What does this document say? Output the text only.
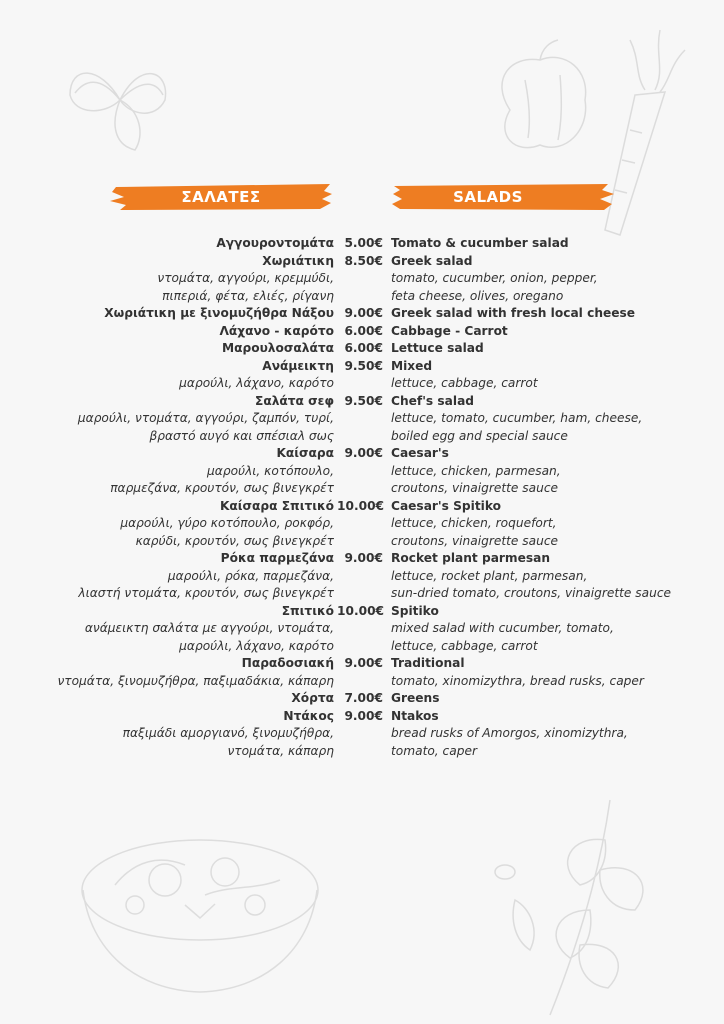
ΣΑΛΑΤΕΣ	SALADS
Αγγουροντομάτα 5.00€ Tomato & cucumber salad
Χωριάτικη 8.50€ Greek salad
ντομάτα, αγγούρι, κρεμμύδι,	tomato, cucumber, onion, pepper,
πιπεριά, φέτα, ελιές, ρίγανη	feta cheese, olives, oregano
Χωριάτικη με ξινομυζήθρα Νάξου 9.00€ Greek salad with fresh local cheese
Λάχανο - καρότο 6.00€ Cabbage - Carrot
Μαρουλοσαλάτα 6.00€ Lettuce salad
Ανάμεικτη 9.50€ Mixed
μαρούλι, λάχανο, καρότο	lettuce, cabbage, carrot
Σαλάτα σεφ 9.50€ Chef's salad
μαρούλι, ντομάτα, αγγούρι, ζαμπόν, τυρί,	lettuce, tomato, cucumber, ham, cheese,
βραστό αυγό και σπέσιαλ σως	boiled egg and special sauce
Καίσαρα 9.00€ Caesar's
μαρούλι, κοτόπουλο,	lettuce, chicken, parmesan,
παρμεζάνα, κρουτόν, σως βινεγκρέτ	croutons, vinaigrette sauce
Καίσαρα Σπιτικό 10.00€ Caesar's Spitiko
μαρούλι, γύρο κοτόπουλο, ροκφόρ,	lettuce, chicken, roquefort,
καρύδι, κρουτόν, σως βινεγκρέτ	croutons, vinaigrette sauce
Ρόκα παρμεζάνα 9.00€ Rocket plant parmesan
μαρούλι, ρόκα, παρμεζάνα,	lettuce, rocket plant, parmesan,
λιαστή ντομάτα, κρουτόν, σως βινεγκρέτ	sun-dried tomato, croutons, vinaigrette sauce
Σπιτικό 10.00€ Spitiko
ανάμεικτη σαλάτα με αγγούρι, ντομάτα,	mixed salad with cucumber, tomato,
μαρούλι, λάχανο, καρότο	lettuce, cabbage, carrot
Παραδοσιακή 9.00€ Traditional
ντομάτα, ξινομυζήθρα, παξιμαδάκια, κάπαρη	tomato, xinomizythra, bread rusks, caper
Χόρτα 7.00€ Greens
Ντάκος 9.00€ Ntakos
παξιμάδι αμοργιανό, ξινομυζήθρα,	bread rusks of Amorgos, xinomizythra,
ντομάτα, κάπαρη	tomato, caper
